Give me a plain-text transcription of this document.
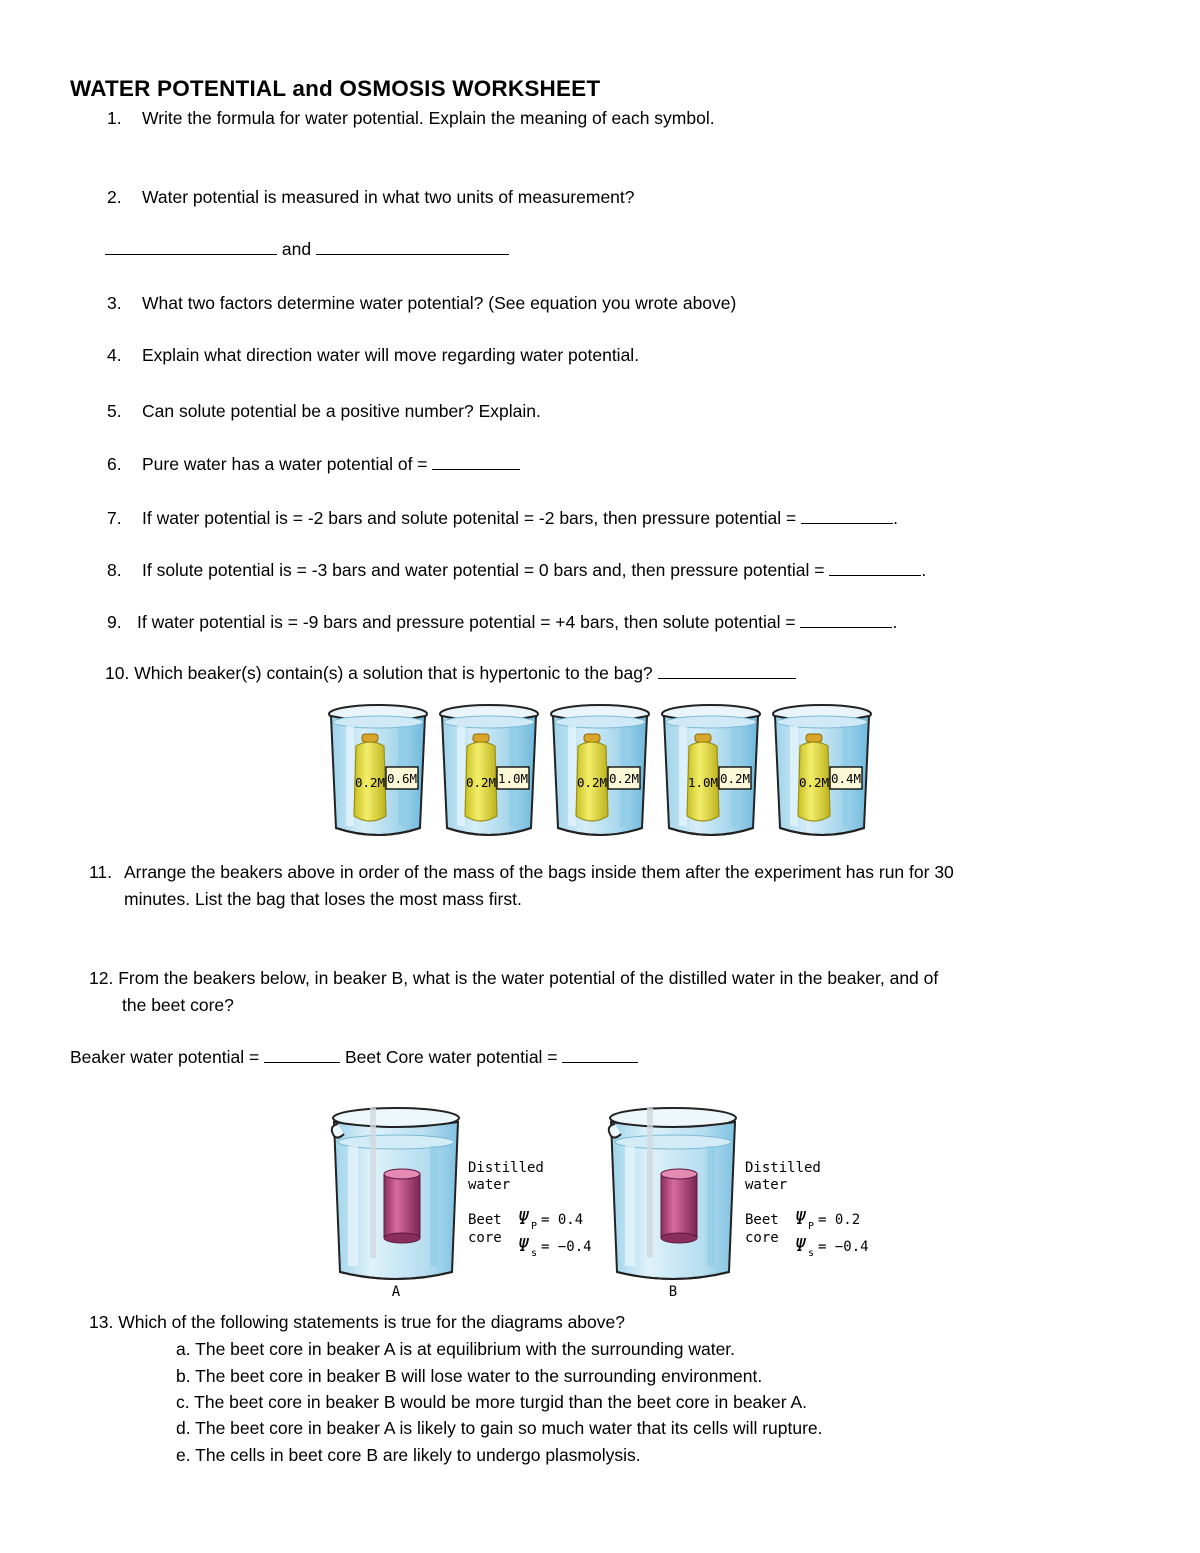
WATER POTENTIAL and OSMOSIS WORKSHEET
1. Write the formula for water potential. Explain the meaning of each symbol.
2. Water potential is measured in what two units of measurement?
and
3. What two factors determine water potential? (See equation you wrote above)
4. Explain what direction water will move regarding water potential.
5. Can solute potential be a positive number? Explain.
6. Pure water has a water potential of =
7. If water potential is = -2 bars and solute potenital = -2 bars, then pressure potential =	.
8. If solute potential is = -3 bars and water potential = 0 bars and, then pressure potential =	.
9. If water potential is = -9 bars and pressure potential = +4 bars, then solute potential =	.
10. Which beaker(s) contain(s) a solution that is hypertonic to the bag?
0.2M 0.6M	0.2M 1.0M	0.2M 0.2M	1.0M 0.2M	0.2M 0.4M
11. Arrange the beakers above in order of the mass of the bags inside them after the experiment has run for 30
minutes. List the bag that loses the most mass first.
12. From the beakers below, in beaker B, what is the water potential of the distilled water in the beaker, and of
the beet core?
Beaker water potential =	Beet Core water potential =
A
Distilled
water
Beet
core
Ψ P = 0.4
Ψ s = −0.4
B
Distilled
water
Beet
core
Ψ P = 0.2
Ψ s = −0.4
13. Which of the following statements is true for the diagrams above?
a. The beet core in beaker A is at equilibrium with the surrounding water.
b. The beet core in beaker B will lose water to the surrounding environment.
c. The beet core in beaker B would be more turgid than the beet core in beaker A.
d. The beet core in beaker A is likely to gain so much water that its cells will rupture.
e. The cells in beet core B are likely to undergo plasmolysis.
